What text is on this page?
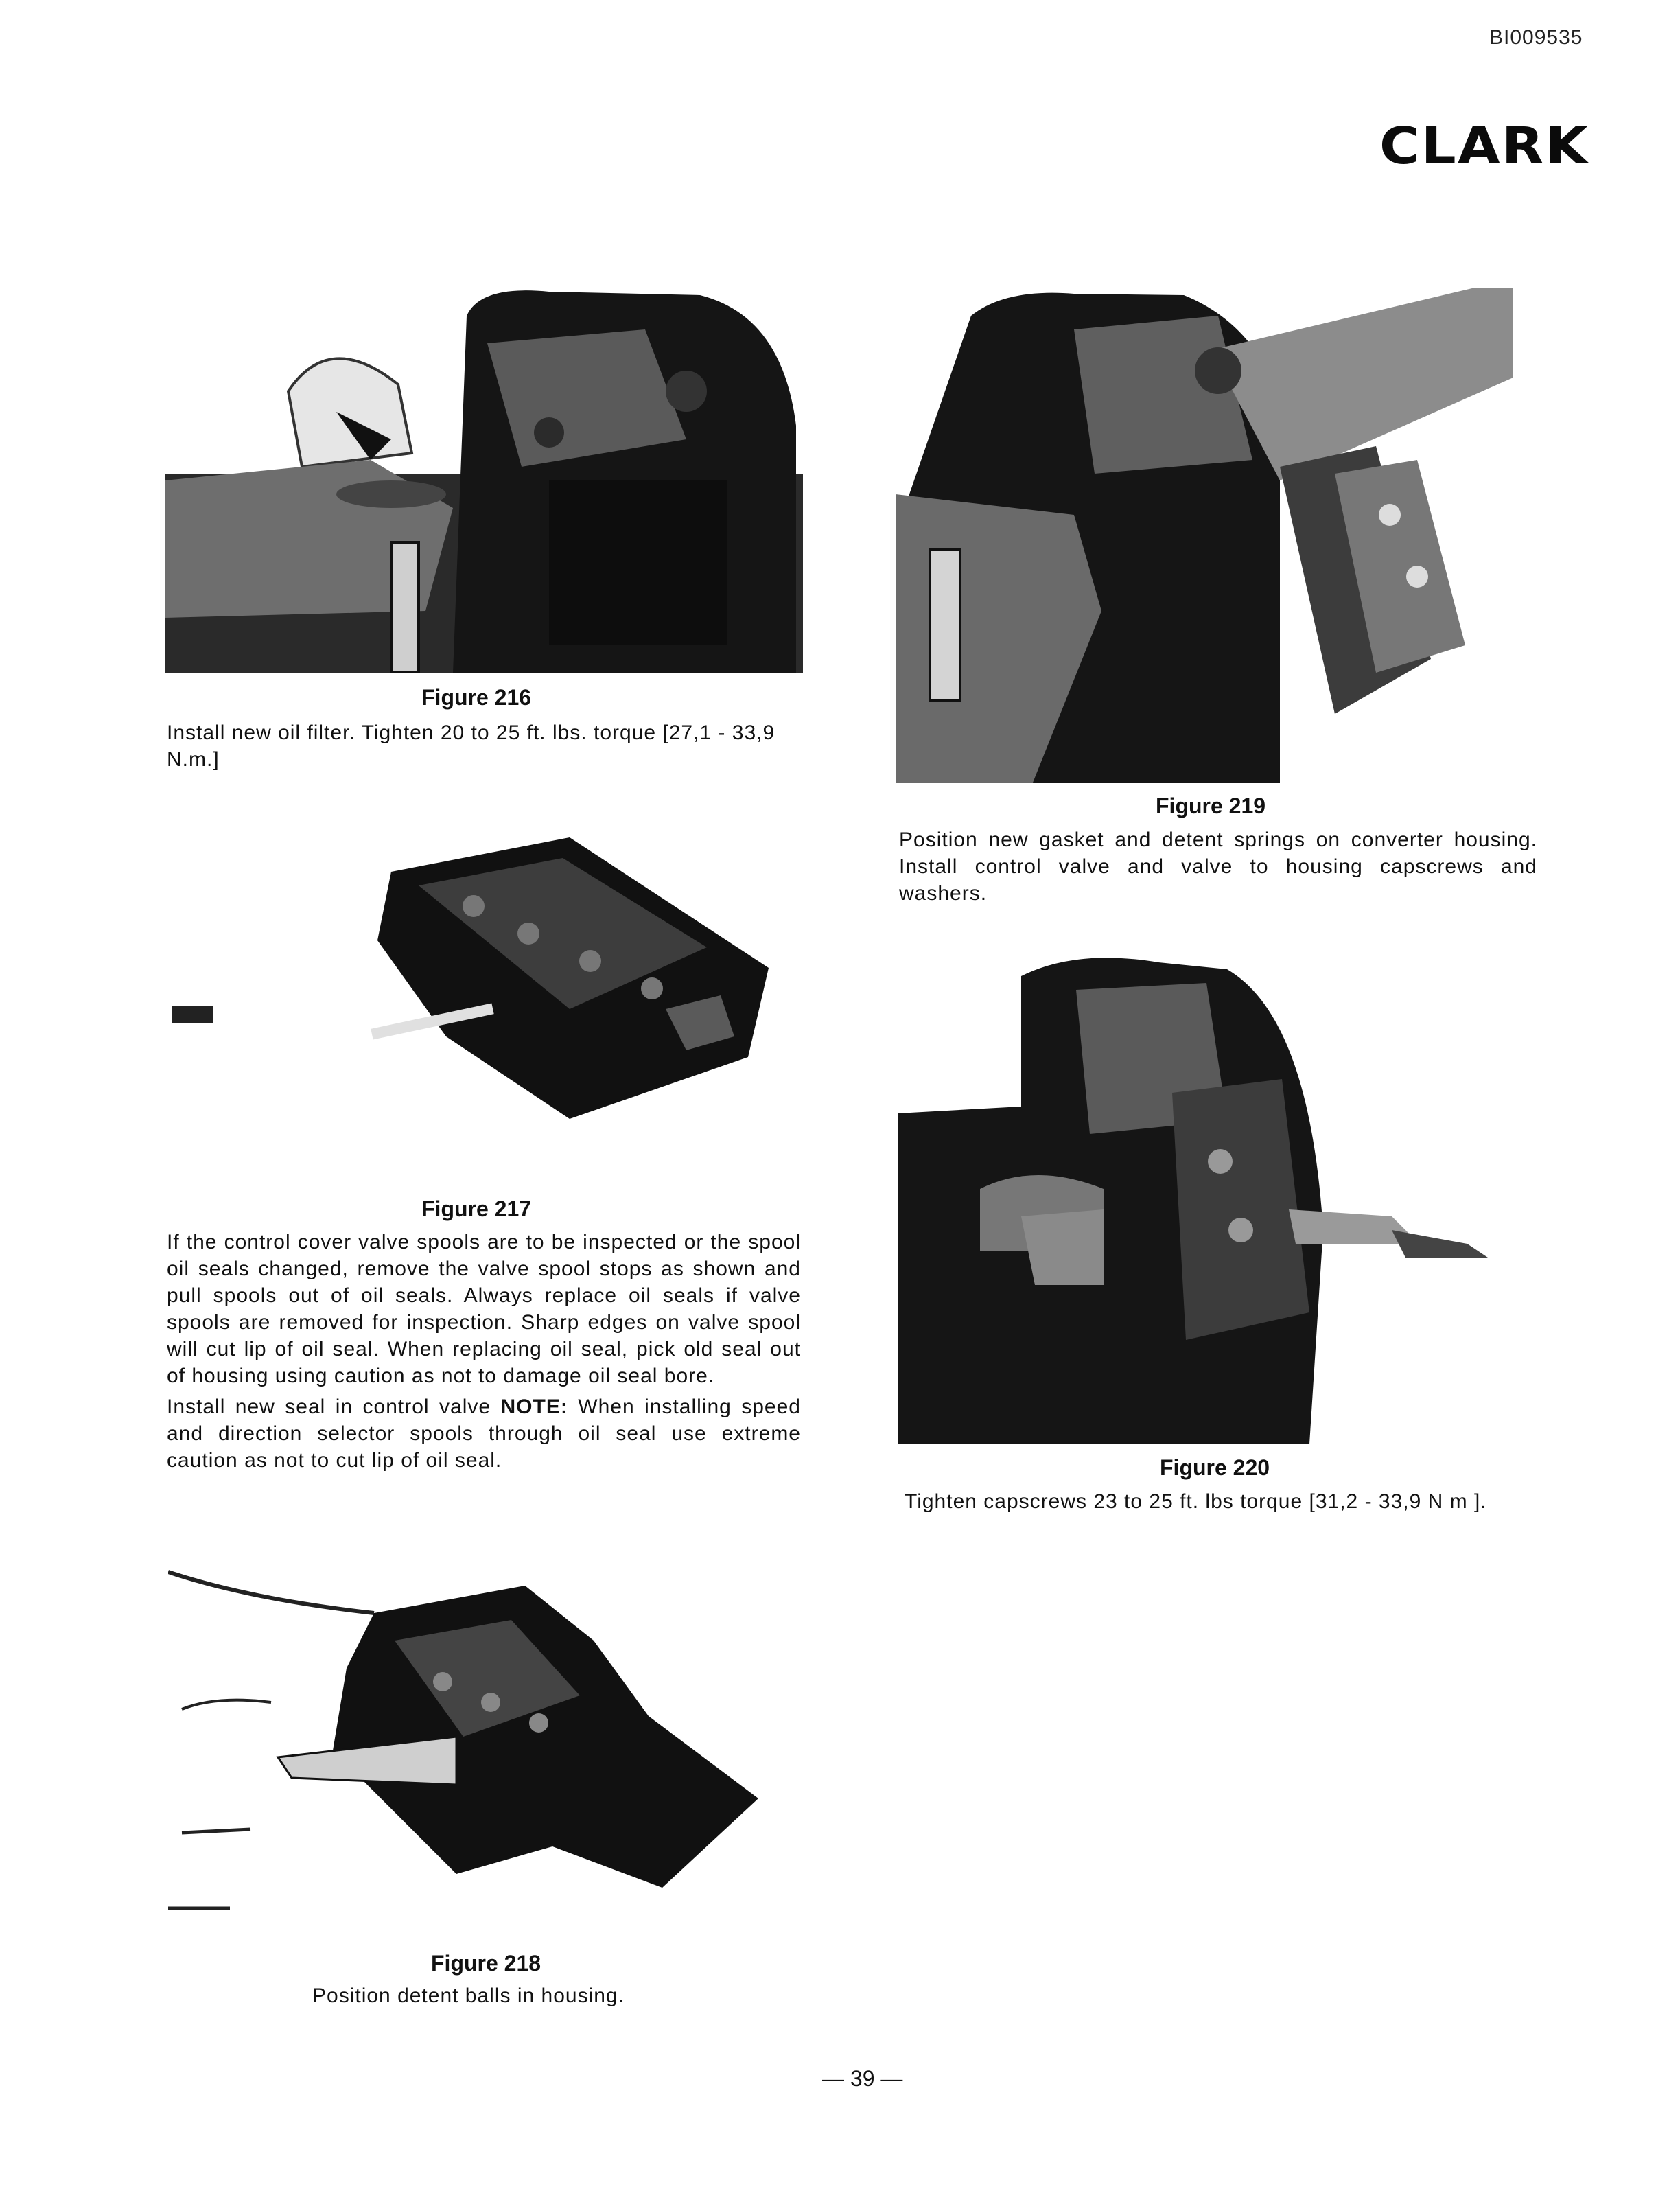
BI009535
CLARK
Figure 216
Install new oil filter. Tighten 20 to 25 ft. lbs. torque [27,1 - 33,9 N.m.]
Figure 219
Position new gasket and detent springs on converter housing. Install control valve and valve to housing capscrews and washers.
Figure 217

If the control cover valve spools are to be inspected or the spool oil seals changed, remove the valve spool stops as shown and pull spools out of oil seals. Always replace oil seals if valve spools are removed for inspection. Sharp edges on valve spool will cut lip of oil seal. When replacing oil seal, pick old seal out of housing using caution as not to damage oil seal bore.

Install new seal in control valve NOTE: When installing speed and direction selector spools through oil seal use extreme caution as not to cut lip of oil seal.	Figure 220
Tighten capscrews 23 to 25 ft. lbs torque [31,2 - 33,9 N m ].
Figure 218
Position detent balls in housing.
— 39 —
